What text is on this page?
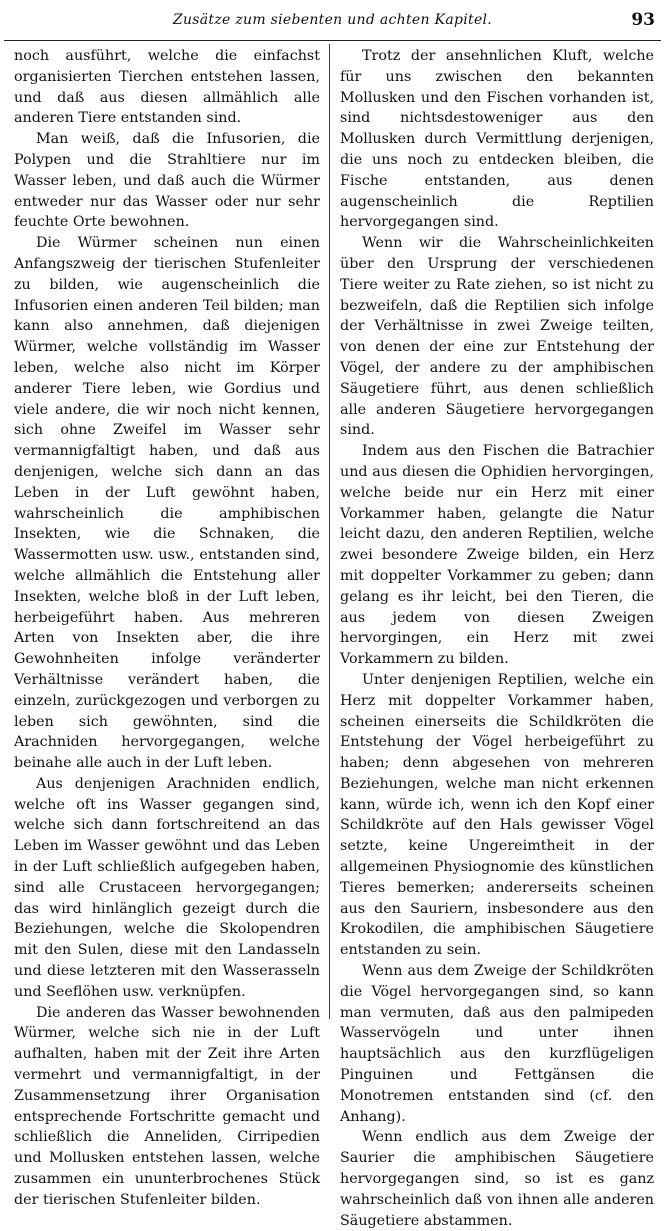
Zusätze zum siebenten und achten Kapitel.	93

noch ausführt, welche die einfachst organisierten Tierchen entstehen lassen, und daß aus diesen allmählich alle anderen Tiere entstanden sind.

Man weiß, daß die Infusorien, die Polypen und die Strahltiere nur im Wasser leben, und daß auch die Würmer entweder nur das Wasser oder nur sehr feuchte Orte bewohnen.

Die Würmer scheinen nun einen Anfangszweig der tierischen Stufenleiter zu bilden, wie augenscheinlich die Infusorien einen anderen Teil bilden; man kann also annehmen, daß diejenigen Würmer, welche vollständig im Wasser leben, welche also nicht im Körper anderer Tiere leben, wie Gordius und viele andere, die wir noch nicht kennen, sich ohne Zweifel im Wasser sehr vermannigfaltigt haben, und daß aus denjenigen, welche sich dann an das Leben in der Luft gewöhnt haben, wahrscheinlich die amphibischen Insekten, wie die Schnaken, die Wassermotten usw. usw., entstanden sind, welche allmählich die Entstehung aller Insekten, welche bloß in der Luft leben, herbeigeführt haben. Aus mehreren Arten von Insekten aber, die ihre Gewohnheiten infolge veränderter Verhältnisse verändert haben, die einzeln, zurückgezogen und verborgen zu leben sich gewöhnten, sind die Arachniden hervorgegangen, welche beinahe alle auch in der Luft leben.

Aus denjenigen Arachniden endlich, welche oft ins Wasser gegangen sind, welche sich dann fortschreitend an das Leben im Wasser gewöhnt und das Leben in der Luft schließlich aufgegeben haben, sind alle Crustaceen hervorgegangen; das wird hinlänglich gezeigt durch die Beziehungen, welche die Skolopendren mit den Sulen, diese mit den Landasseln und diese letzteren mit den Wasserasseln und Seeflöhen usw. verknüpfen.

Die anderen das Wasser bewohnenden Würmer, welche sich nie in der Luft aufhalten, haben mit der Zeit ihre Arten vermehrt und vermannigfaltigt, in der Zusammensetzung ihrer Organisation entsprechende Fortschritte gemacht und schließlich die Anneliden, Cirripedien und Mollusken entstehen lassen, welche zusammen ein ununterbrochenes Stück der tierischen Stufenleiter bilden.

Trotz der ansehnlichen Kluft, welche für uns zwischen den bekannten Mollusken und den Fischen vorhanden ist, sind nichtsdestoweniger aus den Mollusken durch Vermittlung derjenigen, die uns noch zu entdecken bleiben, die Fische entstanden, aus denen augenscheinlich die Reptilien hervorgegangen sind.

Wenn wir die Wahrscheinlichkeiten über den Ursprung der verschiedenen Tiere weiter zu Rate ziehen, so ist nicht zu bezweifeln, daß die Reptilien sich infolge der Verhältnisse in zwei Zweige teilten, von denen der eine zur Entstehung der Vögel, der andere zu der amphibischen Säugetiere führt, aus denen schließlich alle anderen Säugetiere hervorgegangen sind.

Indem aus den Fischen die Batrachier und aus diesen die Ophidien hervorgingen, welche beide nur ein Herz mit einer Vorkammer haben, gelangte die Natur leicht dazu, den anderen Reptilien, welche zwei besondere Zweige bilden, ein Herz mit doppelter Vorkammer zu geben; dann gelang es ihr leicht, bei den Tieren, die aus jedem von diesen Zweigen hervorgingen, ein Herz mit zwei Vorkammern zu bilden.

Unter denjenigen Reptilien, welche ein Herz mit doppelter Vorkammer haben, scheinen einerseits die Schildkröten die Entstehung der Vögel herbeigeführt zu haben; denn abgesehen von mehreren Beziehungen, welche man nicht erkennen kann, würde ich, wenn ich den Kopf einer Schildkröte auf den Hals gewisser Vögel setzte, keine Ungereimtheit in der allgemeinen Physiognomie des künstlichen Tieres bemerken; andererseits scheinen aus den Sauriern, insbesondere aus den Krokodilen, die amphibischen Säugetiere entstanden zu sein.

Wenn aus dem Zweige der Schildkröten die Vögel hervorgegangen sind, so kann man vermuten, daß aus den palmipeden Wasservögeln und unter ihnen hauptsächlich aus den kurzflügeligen Pinguinen und Fettgänsen die Monotremen entstanden sind (cf. den Anhang).

Wenn endlich aus dem Zweige der Saurier die amphibischen Säugetiere hervorgegangen sind, so ist es ganz wahrscheinlich daß von ihnen alle anderen Säugetiere abstammen.
